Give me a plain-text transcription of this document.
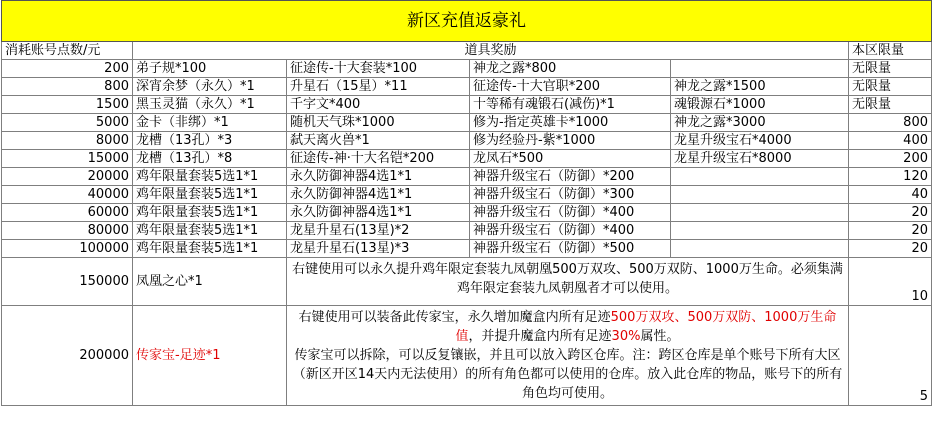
新区充值返豪礼					
消耗账号点数/元	道具奖励				本区限量
200	弟子规*100	征途传-十大套装*100	神龙之露*800		无限量
800	深宵余梦（永久）*1	升星石（15星）*11	征途传-十大官职*200	神龙之露*1500	无限量
1500	黑玉灵猫（永久）*1	千字文*400	十等稀有魂锻石(减伤)*1	魂锻源石*1000	无限量
5000	金卡（非绑）*1	随机天气珠*1000	修为-指定英雄卡*1000	神龙之露*3000	800
8000	龙槽（13孔）*3	弑天离火兽*1	修为经验丹-紫*1000	龙星升级宝石*4000	400
15000	龙槽（13孔）*8	征途传-神·十大名铠*200	龙凤石*500	龙星升级宝石*8000	200
20000	鸡年限量套装5选1*1	永久防御神器4选1*1	神器升级宝石（防御）*200		120
40000	鸡年限量套装5选1*1	永久防御神器4选1*1	神器升级宝石（防御）*300		40
60000	鸡年限量套装5选1*1	永久防御神器4选1*1	神器升级宝石（防御）*400		20
80000	鸡年限量套装5选1*1	龙星升星石(13星)*2	神器升级宝石（防御）*400		20
100000	鸡年限量套装5选1*1	龙星升星石(13星)*3	神器升级宝石（防御）*500		20
150000	凤凰之心*1	右键使用可以永久提升鸡年限定套装九凤朝凰500万双攻、500万双防、1000万生命。必须集满鸡年限定套装九凤朝凰者才可以使用。			10
200000	传家宝-足迹*1	右键使用可以装备此传家宝，永久增加魔盒内所有足迹500万双攻、500万双防、1000万生命值，并提升魔盒内所有足迹30%属性。
传家宝可以拆除，可以反复镶嵌，并且可以放入跨区仓库。注：跨区仓库是单个账号下所有大区（新区开区14天内无法使用）的所有角色都可以使用的仓库。放入此仓库的物品，账号下的所有角色均可使用。			5
